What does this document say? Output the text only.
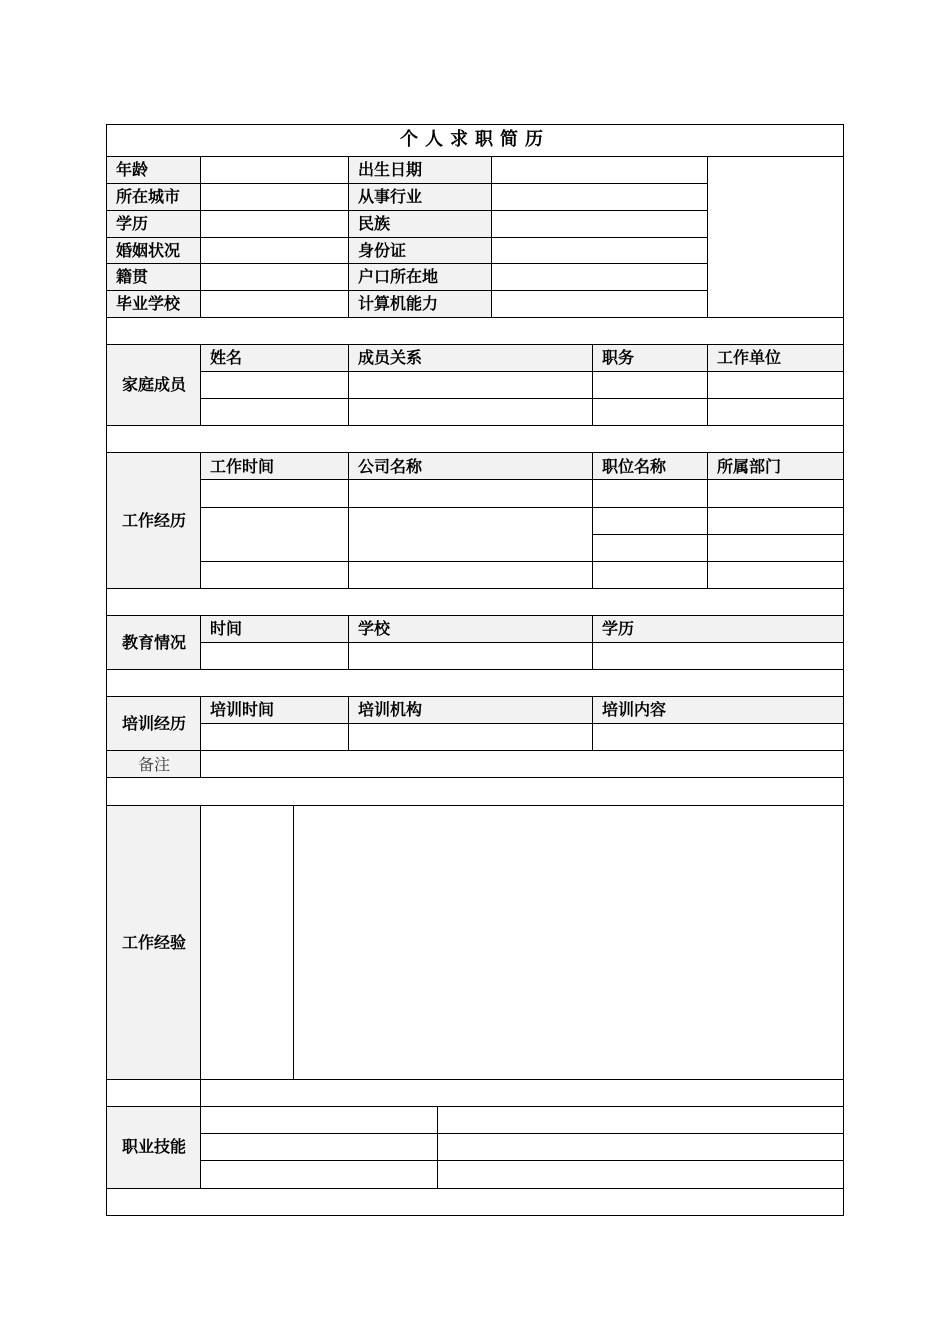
个人求职简历
年龄	出生日期
所在城市	从事行业
学历	民族
婚姻状况	身份证
籍贯	户口所在地
毕业学校	计算机能力
家庭成员
姓名	成员关系	职务	工作单位
工作经历
工作时间	公司名称	职位名称	所属部门
教育情况
时间	学校	学历
培训经历
培训时间	培训机构	培训内容
备注
工作经验
职业技能
